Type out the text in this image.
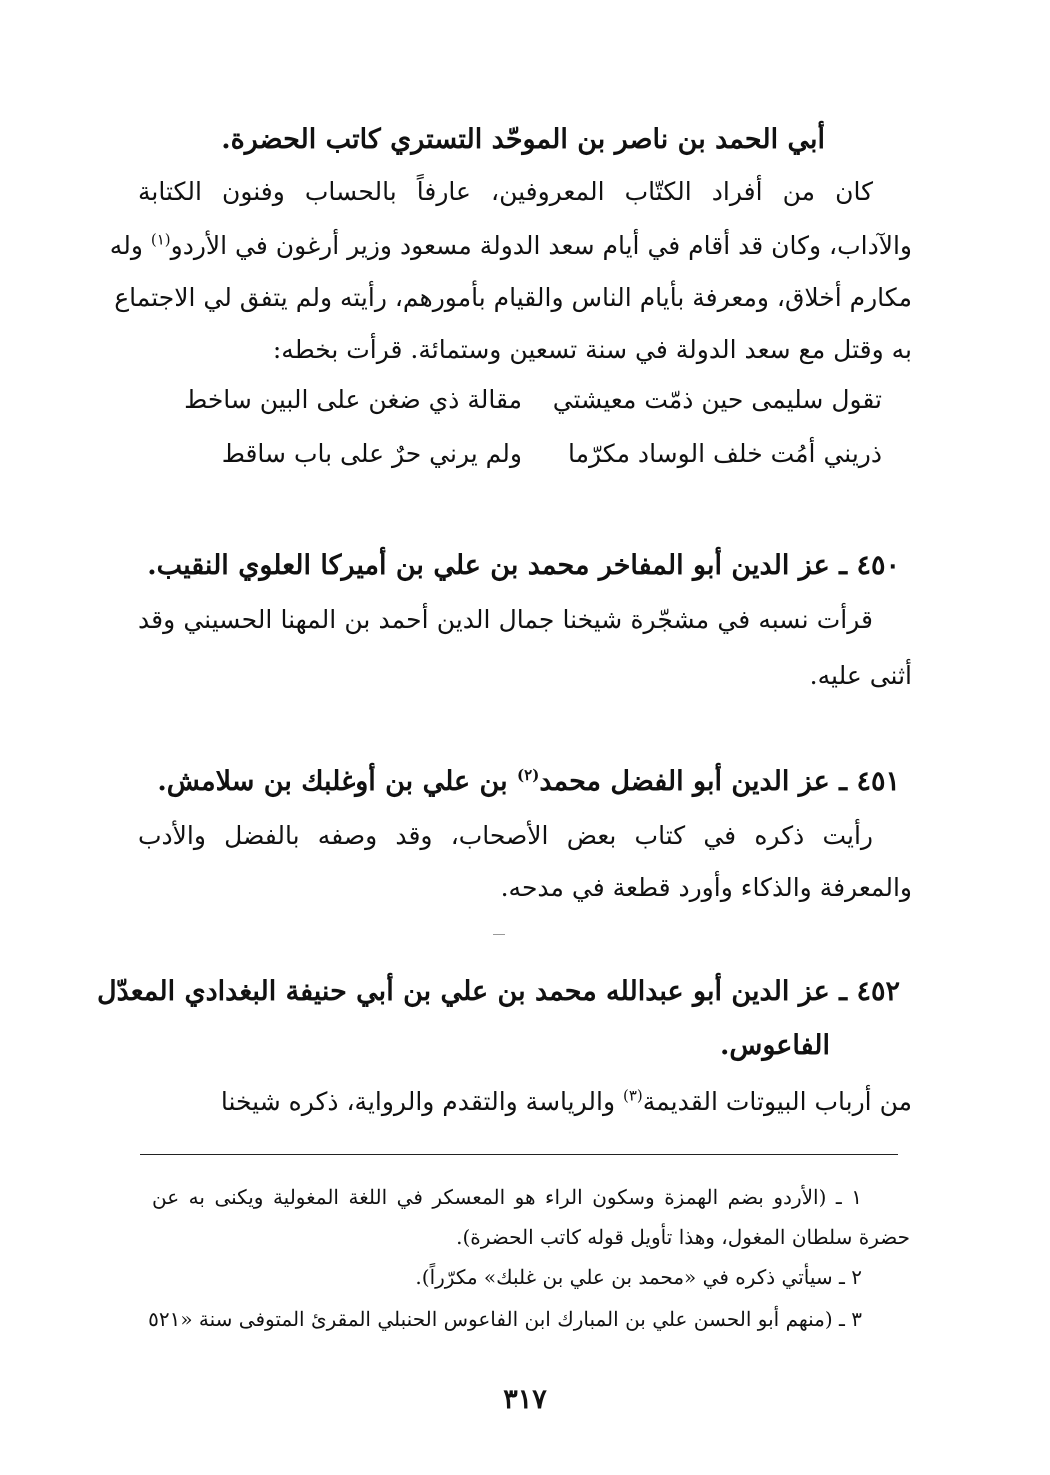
أبي الحمد بن ناصر بن الموحّد التستري كاتب الحضرة.
كان من أفراد الكتّاب المعروفين، عارفاً بالحساب وفنون الكتابة
والآداب، وكان قد أقام في أيام سعد الدولة مسعود وزير أرغون في الأردو$^{(١)}$ وله
مكارم أخلاق، ومعرفة بأيام الناس والقيام بأمورهم، رأيته ولم يتفق لي الاجتماع
به وقتل مع سعد الدولة في سنة تسعين وستمائة. قرأت بخطه:
تقول سليمى حين ذمّت معيشتي
مقالة ذي ضغن على البين ساخط
ذريني أمُت خلف الوساد مكرّما
ولم يرني حرٌ على باب ساقط
٤٥٠ ـ عز الدين أبو المفاخر محمد بن علي بن أميركا العلوي النقيب.
قرأت نسبه في مشجّرة شيخنا جمال الدين أحمد بن المهنا الحسيني وقد
أثنى عليه.
٤٥١ ـ عز الدين أبو الفضل محمد$^{(٢)}$ بن علي بن أوغلبك بن سلامش.
رأيت ذكره في كتاب بعض الأصحاب، وقد وصفه بالفضل والأدب
والمعرفة والذكاء وأورد قطعة في مدحه.
٤٥٢ ـ عز الدين أبو عبدالله محمد بن علي بن أبي حنيفة البغدادي المعدّل
الفاعوس.
من أرباب البيوتات القديمة$^{(٣)}$ والرياسة والتقدم والرواية، ذكره شيخنا
١ ـ (الأردو بضم الهمزة وسكون الراء هو المعسكر في اللغة المغولية ويكنى به عن
حضرة سلطان المغول، وهذا تأويل قوله كاتب الحضرة).
٢ ـ سيأتي ذكره في «محمد بن علي بن غلبك» مكرّراً).
٣ ـ (منهم أبو الحسن علي بن المبارك ابن الفاعوس الحنبلي المقرئ المتوفى سنة «٥٢١
٣١٧
